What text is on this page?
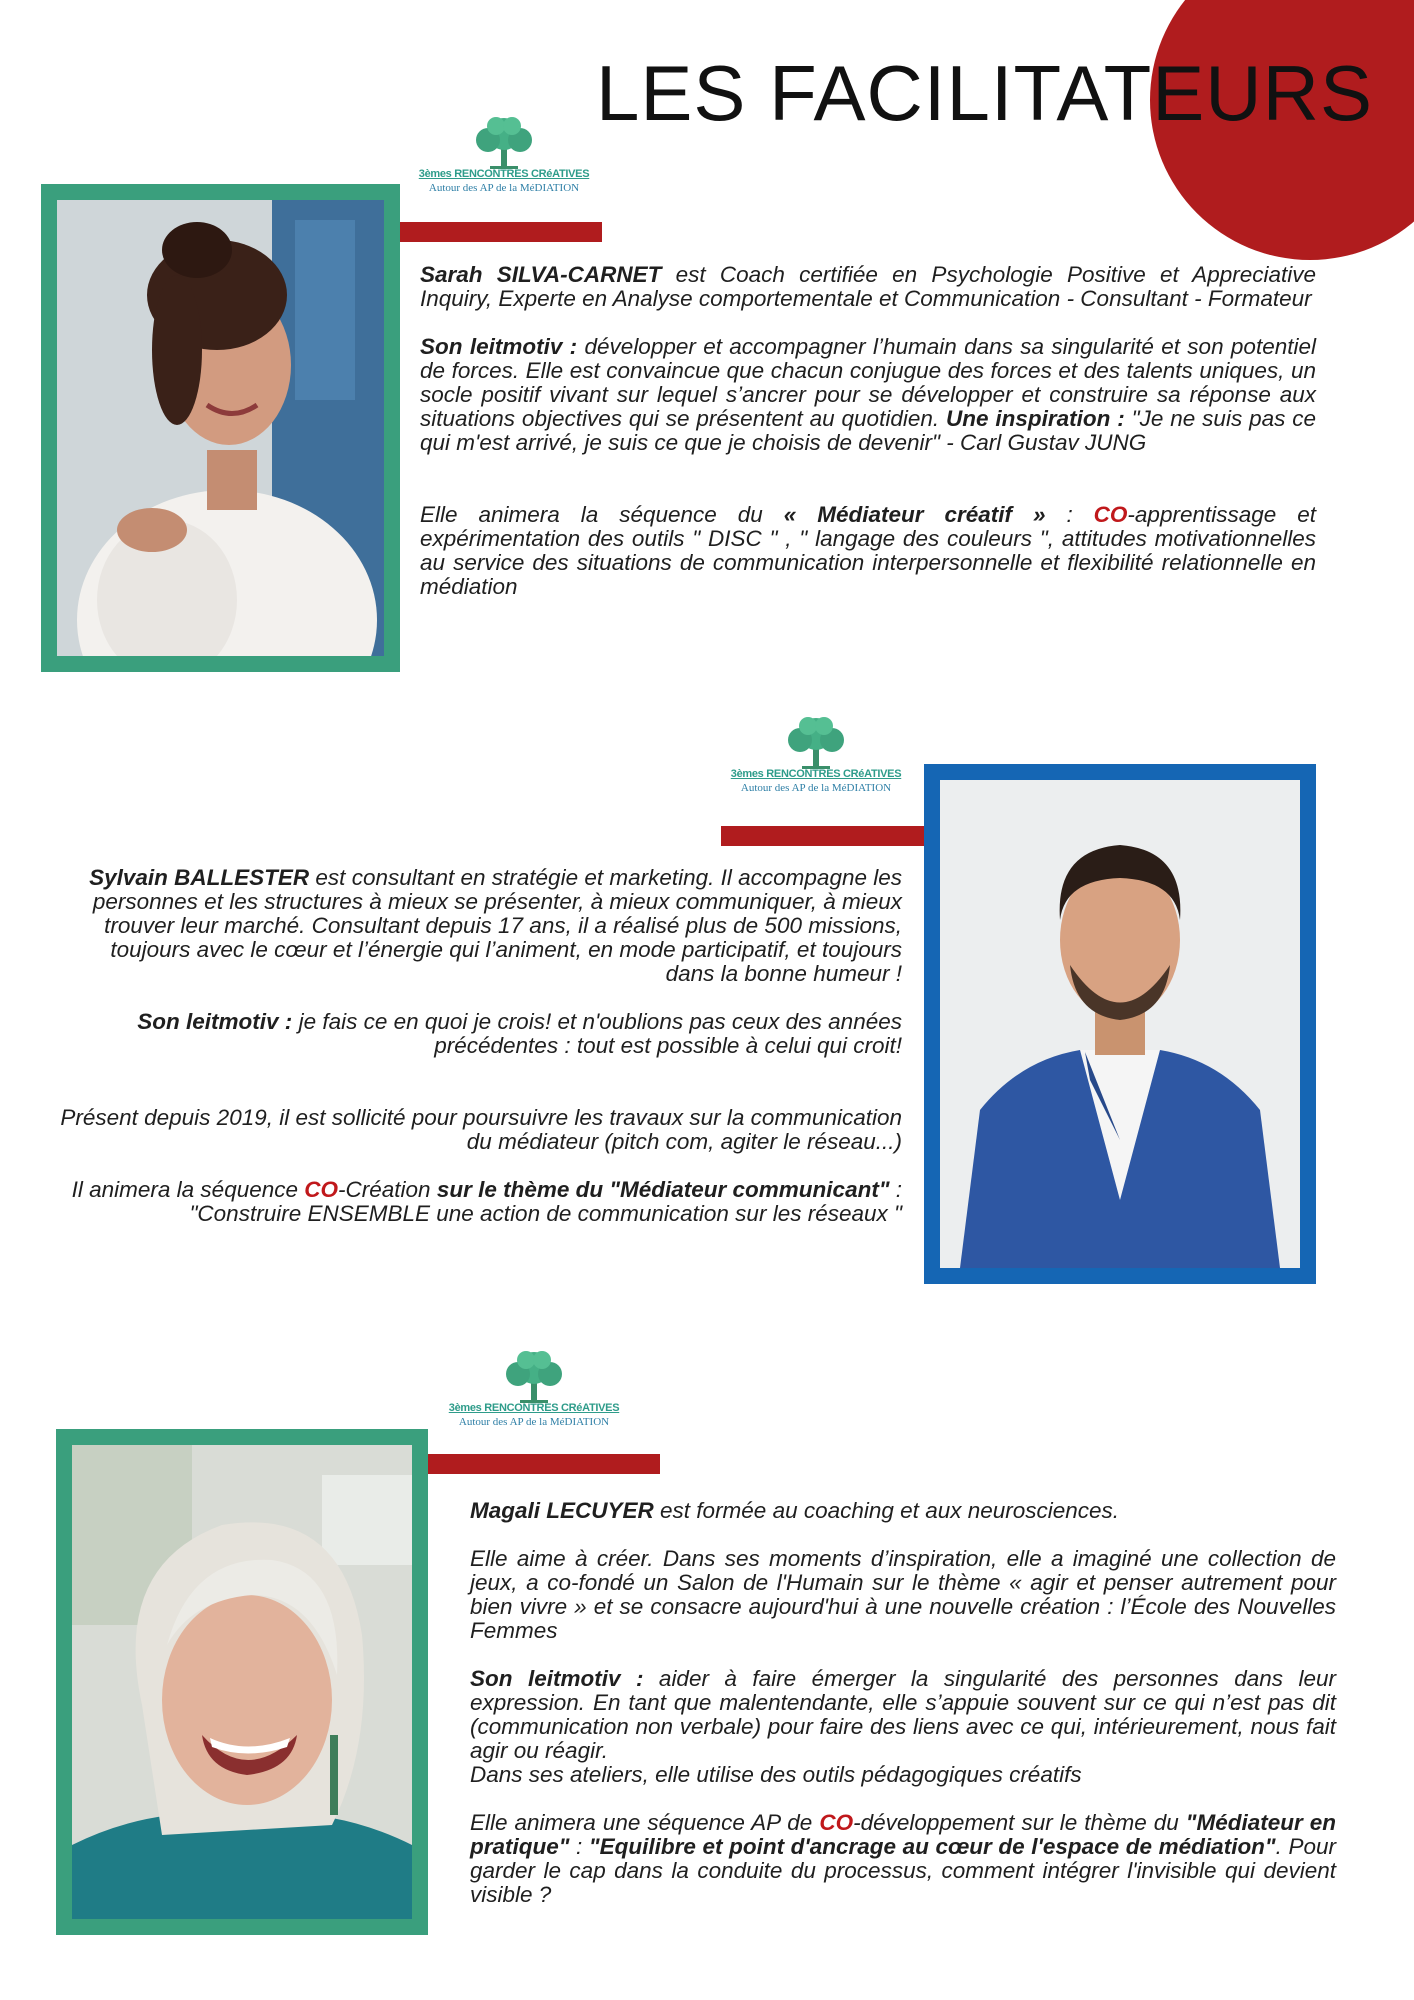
LES FACILITATEURS
3èmes RENCONTRES CRéATIVES
Autour des AP de la MéDIATION

Sarah SILVA-CARNET est Coach certifiée en Psychologie Positive et Appreciative Inquiry, Experte en Analyse comportementale et Communication - Consultant - Formateur

Son leitmotiv : développer et accompagner l’humain dans sa singularité et son potentiel de forces. Elle est convaincue que chacun conjugue des forces et des talents uniques, un socle positif vivant sur lequel s’ancrer pour se développer et construire sa réponse aux situations objectives qui se présentent au quotidien. Une inspiration : "Je ne suis pas ce qui m'est arrivé, je suis ce que je choisis de devenir" - Carl Gustav JUNG

Elle animera la séquence du « Médiateur créatif » : CO-apprentissage et expérimentation des outils " DISC " , " langage des couleurs ", attitudes motivationnelles au service des situations de communication interpersonnelle et flexibilité relationnelle en médiation

3èmes RENCONTRES CRéATIVES
Autour des AP de la MéDIATION

Sylvain BALLESTER est consultant en stratégie et marketing. Il accompagne les personnes et les structures à mieux se présenter, à mieux communiquer, à mieux trouver leur marché. Consultant depuis 17 ans, il a réalisé plus de 500 missions, toujours avec le cœur et l’énergie qui l’animent, en mode participatif, et toujours dans la bonne humeur !

Son leitmotiv : je fais ce en quoi je crois! et n'oublions pas ceux des années précédentes : tout est possible à celui qui croit!

Présent depuis 2019, il est sollicité pour poursuivre les travaux sur la communication du médiateur (pitch com, agiter le réseau...)

Il animera la séquence CO-Création sur le thème du "Médiateur communicant" : "Construire ENSEMBLE une action de communication sur les réseaux "

3èmes RENCONTRES CRéATIVES
Autour des AP de la MéDIATION

Magali LECUYER est formée au coaching et aux neurosciences.

Elle aime à créer. Dans ses moments d’inspiration, elle a imaginé une collection de jeux, a co-fondé un Salon de l'Humain sur le thème « agir et penser autrement pour bien vivre » et se consacre aujourd'hui à une nouvelle création : l’École des Nouvelles Femmes

Son leitmotiv : aider à faire émerger la singularité des personnes dans leur expression. En tant que malentendante, elle s’appuie souvent sur ce qui n’est pas dit (communication non verbale) pour faire des liens avec ce qui, intérieurement, nous fait agir ou réagir.

Dans ses ateliers, elle utilise des outils pédagogiques créatifs

Elle animera une séquence AP de CO-développement sur le thème du "Médiateur en pratique" : "Equilibre et point d'ancrage au cœur de l'espace de médiation". Pour garder le cap dans la conduite du processus, comment intégrer l'invisible qui devient visible ?
